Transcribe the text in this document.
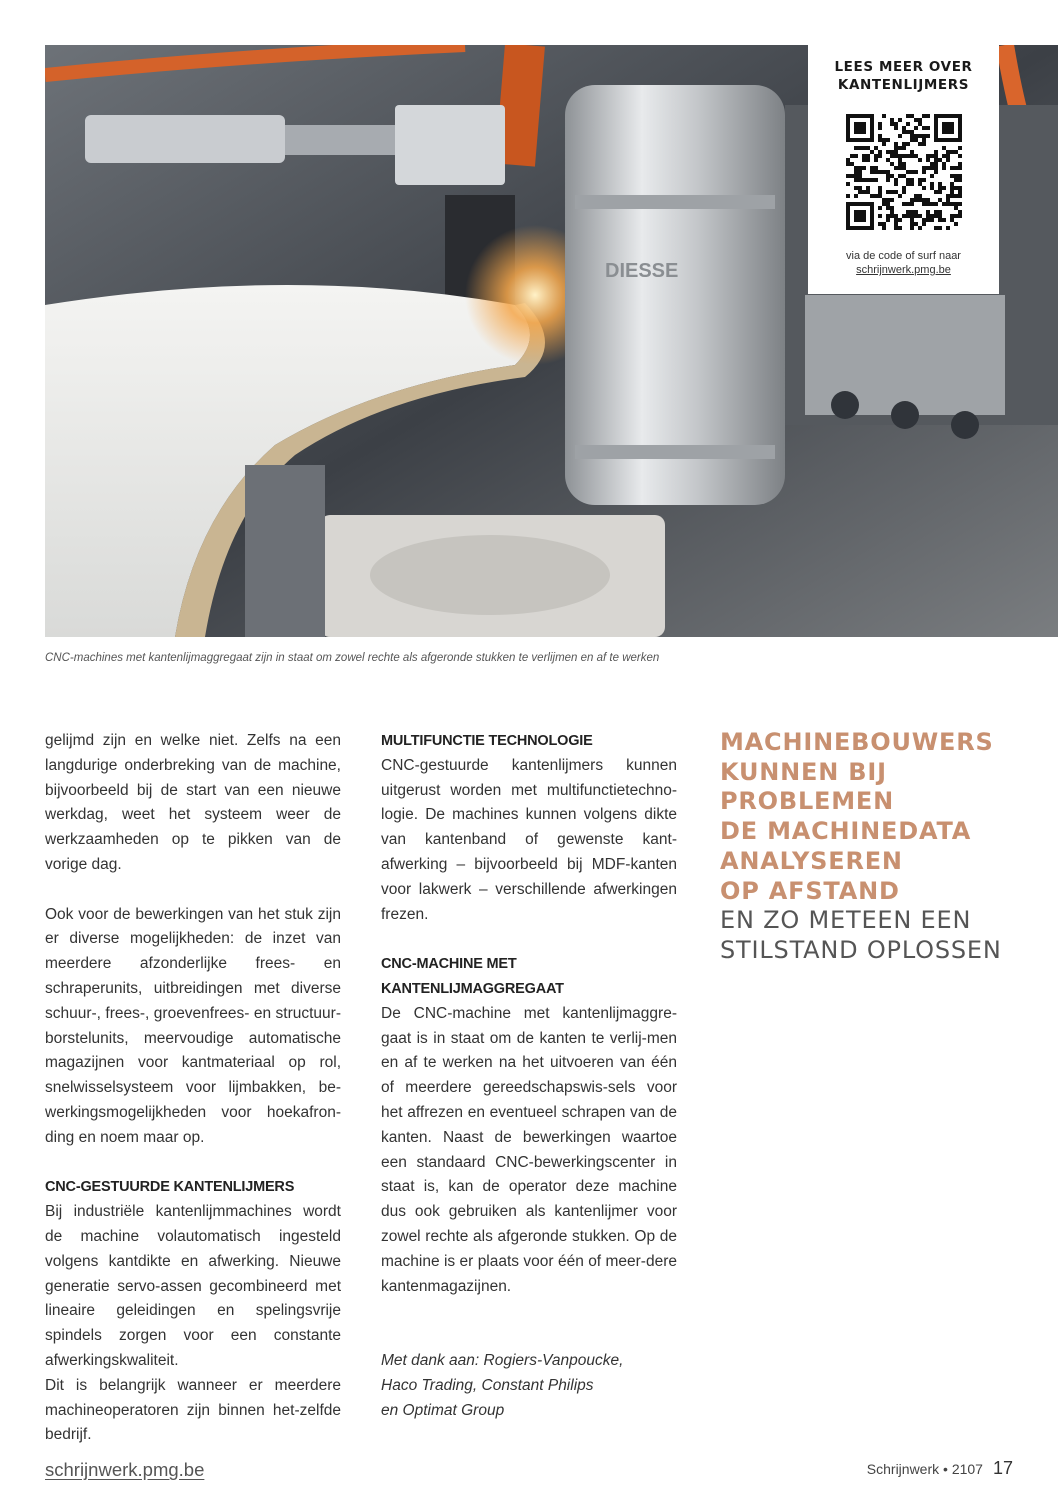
DIESSE
LEES MEER OVER
KANTENLIJMERS
via de code of surf naar
schrijnwerk.pmg.be
CNC-machines met kantenlijmaggregaat zijn in staat om zowel rechte als afgeronde stukken te verlijmen en af te werken

gelijmd zijn en welke niet. Zelfs na een langdurige onderbreking van de machine, bijvoorbeeld bij de start van een nieuwe werkdag, weet het systeem weer de werkzaamheden op te pikken van de vorige dag.

Ook voor de bewerkingen van het stuk zijn er diverse mogelijkheden: de inzet van meerdere afzonderlijke frees- en schraperunits, uitbreidingen met diverse schuur-, frees-, groevenfrees- en structuur-borstelunits, meervoudige automatische magazijnen voor kantmateriaal op rol, snelwisselsysteem voor lijmbakken, be-werkingsmogelijkheden voor hoekafron-ding en noem maar op.

CNC-GESTUURDE KANTENLIJMERS

Bij industriële kantenlijmmachines wordt de machine volautomatisch ingesteld volgens kantdikte en afwerking. Nieuwe generatie servo-assen gecombineerd met lineaire geleidingen en spelingsvrije spindels zorgen voor een constante afwerkingskwaliteit.

Dit is belangrijk wanneer er meerdere machineoperatoren zijn binnen het-zelfde bedrijf.

MULTIFUNCTIE TECHNOLOGIE

CNC-gestuurde kantenlijmers kunnen uitgerust worden met multifunctietechno-logie. De machines kunnen volgens dikte van kantenband of gewenste kant-afwerking – bijvoorbeeld bij MDF-kanten voor lakwerk – verschillende afwerkingen frezen.

CNC-MACHINE MET
KANTENLIJMAGGREGAAT

De CNC-machine met kantenlijmaggre-gaat is in staat om de kanten te verlij-men en af te werken na het uitvoeren van één of meerdere gereedschapswis-sels voor het affrezen en eventueel schrapen van de kanten. Naast de bewerkingen waartoe een standaard CNC-bewerkingscenter in staat is, kan de operator deze machine dus ook gebruiken als kantenlijmer voor zowel rechte als afgeronde stukken. Op de machine is er plaats voor één of meer-dere kantenmagazijnen.

Met dank aan: Rogiers-Vanpoucke,
Haco Trading, Constant Philips
en Optimat Group

MACHINEBOUWERS
KUNNEN BIJ
PROBLEMEN
DE MACHINEDATA
ANALYSEREN
OP AFSTAND
EN ZO METEEN EEN
STILSTAND OPLOSSEN
schrijnwerk.pmg.be	Schrijnwerk • 2107 17
